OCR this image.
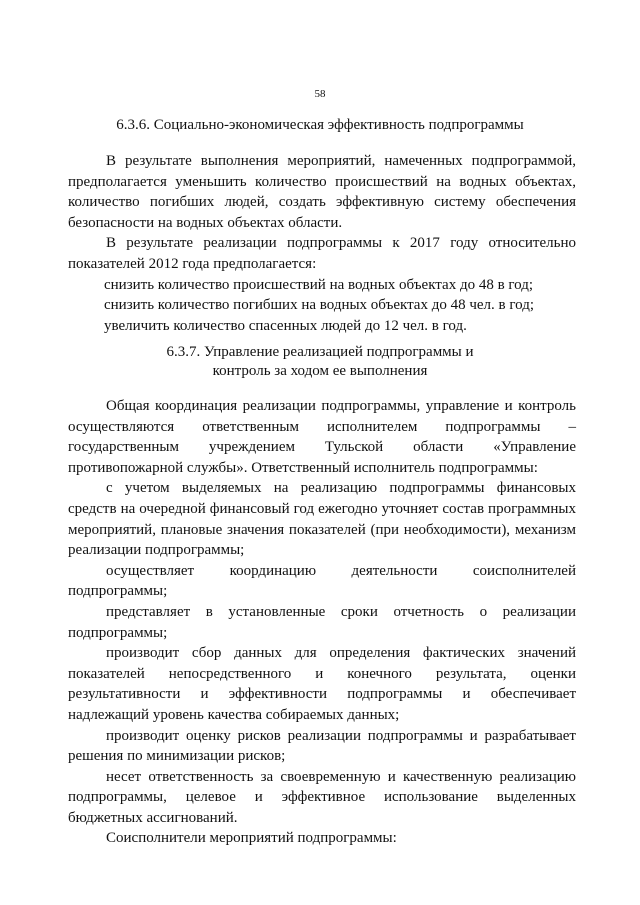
58
6.3.6. Социально-экономическая эффективность подпрограммы

В результате выполнения мероприятий, намеченных подпрограммой, предполагается уменьшить количество происшествий на водных объектах, количество погибших людей, создать эффективную систему обеспечения безопасности на водных объектах области.

В результате реализации подпрограммы к 2017 году относительно показателей 2012 года предполагается:

снизить количество происшествий на водных объектах до 48 в год;

снизить количество погибших на водных объектах до 48 чел. в год;

увеличить количество спасенных людей до 12 чел. в год.

6.3.7. Управление реализацией подпрограммы и
контроль за ходом ее выполнения

Общая координация реализации подпрограммы, управление и контроль осуществляются ответственным исполнителем подпрограммы – государственным учреждением Тульской области «Управление противопожарной службы». Ответственный исполнитель подпрограммы:

с учетом выделяемых на реализацию подпрограммы финансовых средств на очередной финансовый год ежегодно уточняет состав программных мероприятий, плановые значения показателей (при необходимости), механизм реализации подпрограммы;

осуществляет координацию деятельности соисполнителей подпрограммы;

представляет в установленные сроки отчетность о реализации подпрограммы;

производит сбор данных для определения фактических значений показателей непосредственного и конечного результата, оценки результативности и эффективности подпрограммы и обеспечивает надлежащий уровень качества собираемых данных;

производит оценку рисков реализации подпрограммы и разрабатывает решения по минимизации рисков;

несет ответственность за своевременную и качественную реализацию подпрограммы, целевое и эффективное использование выделенных бюджетных ассигнований.

Соисполнители мероприятий подпрограммы:
